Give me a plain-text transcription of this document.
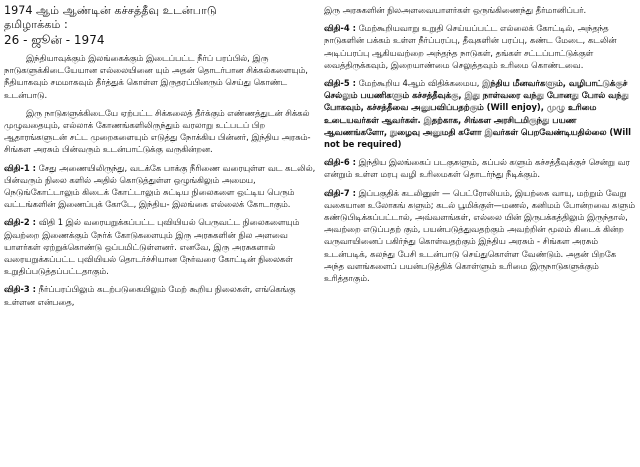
1974 ஆம் ஆண்டின் கச்சத்தீவு உடன்பாடு
தமிழாக்கம் :
26 - ஜூன் - 1974

இந்தியாவுக்கும் இலங்கைக்கும் இடைப்பட்ட நீர்ப் பரப்பில், இரு நாடுகளுக்கிடையேயான எல்லையினை யும் அதன் தொடர்பான சிக்கல்களையும், நீதியாகவும் சமமாகவும் தீர்த்துக் கொள்ள இருதரப்பினரும் செய்து கொண்ட உடன்பாடு.

இரு நாடுகளுக்கிடையே ஏற்பட்ட சிக்கலைத் தீர்க்கும் எண்ணத்துடன் சிக்கல் முழுவதையும், எல்லாக் கோணங்களிலிருந்தும் வரலாறு உட்படப் பிற ஆதாரங்களுடன் சட்ட முறைகளையும் எடுத்து நோக்கிய பின்னர், இந்திய அரசும்-சிங்கள அரசும் பின்வரும் உடன்பாட்டுக்கு வருகின்றன.

விதி-1 : சேது அணையிலிருந்து, வடக்கே பாக்கு நீரிணை வரையுள்ள வட கடலில், பின்வரும் நிலை களில் அதில் கொடுத்துள்ள ஒழுங்கிலும் அமைய, நெடுங்கோட்டாலும் கிடைக் கோட்டாலும் சுட்டிய நிலைகளை ஒட்டிய பெரும் வட்டங்களின் இணைப்புக் கோடே, இந்திய- இலங்கை எல்லைக் கோடாகும்.
விதி-2 : விதி 1 இல் வரையறுக்கப்பட்ட புவியியல் பெருவட்ட நிலைகளையும் இவற்றை இணைக்கும் நேர்க் கோடுகளையும் இரு அரசுகளின் நில அளவை யாளர்கள் ஏற்றுக்கொண்டு ஒப்பமிட்டுள்ளனர். எனவே, இரு அரசுகளால் வரையறுக்கப்பட்ட புவியியல் தொடர்ச்சியான நேர்வரை கோட்டின் நிலைகள் உறுதிப்படுத்தப்பட்டதாகும்.
விதி-3 : நீர்ப்பரப்பிலும் கடற்படுகையிலும் மேற் கூறிய நிலைகள், எங்கெங்கு உள்ளன என்பதை,

இரு அரசுகளின் நிலஅளவையாளர்கள் ஒருங்கிணைந்து தீர்மானிப்பர்.

விதி-4 : மேற்கூறியவாறு உறுதி செய்யப்பட்ட எல்லைக் கோட்டில், அந்தந்த நாடுகளின் பக்கம் உள்ள நீர்ப்பரப்பு, தீவுகளின் பரப்பு, கண்ட மேடை, கடலின் அடிப்பரப்பு ஆகியவற்றை அந்தந்த நாடுகள், தங்கள் சட்டப்பாட்டுக்குள் வைத்திருக்கவும், இறையாண்மை செலுத்தவும் உரிமை கொண்டவை.
விதி-5 : மேற்கூறிய 4ஆம் விதிக்கமைய, இந்திய மீனவர்களும், வழிபாட்டுக்குச் செல்லும் பயணிகளும் கச்சத்தீவுக்கு, இது நாள்வரை வந்து போனது போல் வந்து போகவும், கச்சத்தீவை அனுபவிப்பதற்கும் (Will enjoy), முழு உரிமை உடையவர்கள் ஆவர்கள். இதற்காக, சிங்கள அரசிடமிருந்து பயண ஆவணங்களோ, நுழைவு அனுமதி களோ இவர்கள் பெறவேண்டியதில்லை (Will not be required)
விதி-6 : இந்திய இலங்கைப் படகுகளும், கப்பல் களும் கச்சத்தீவுக்குச் சென்று வர என்றும் உள்ள மரபு வழி உரிமைகள் தொடர்ந்து நீடிக்கும்.
விதி-7 : இப்பகுதிக் கடலினுள் — பெட்ரோலியம், இயற்கை வாயு, மற்றும் வேறு வகையான உலோகங் களும்; கடல் பூமிக்குள்—மணல், கனிமம் போன்றவை களும் கண்டுபிடிக்கப்பட்டால், அவ்வளங்கள், எல்லை யின் இருபக்கத்திலும் இருந்தால், அவற்றை எடுப்பதற் கும், பயன்படுத்துவதற்கும் அவற்றின் மூலம் கிடைக் கின்ற வருவாயினைப் பகிர்ந்து கொள்வதற்கும் இந்திய அரசும் - சிங்கள அரசும் உடன்படிக், கலந்து பேசி உடன்பாடு செய்துகொள்ள வேண்டும். அதன் பிறகே அந்த வளங்களைப் பயன்படுத்திக் கொள்ளும் உரிமை இருநாடுகளுக்கும் உரித்தாகும்.
